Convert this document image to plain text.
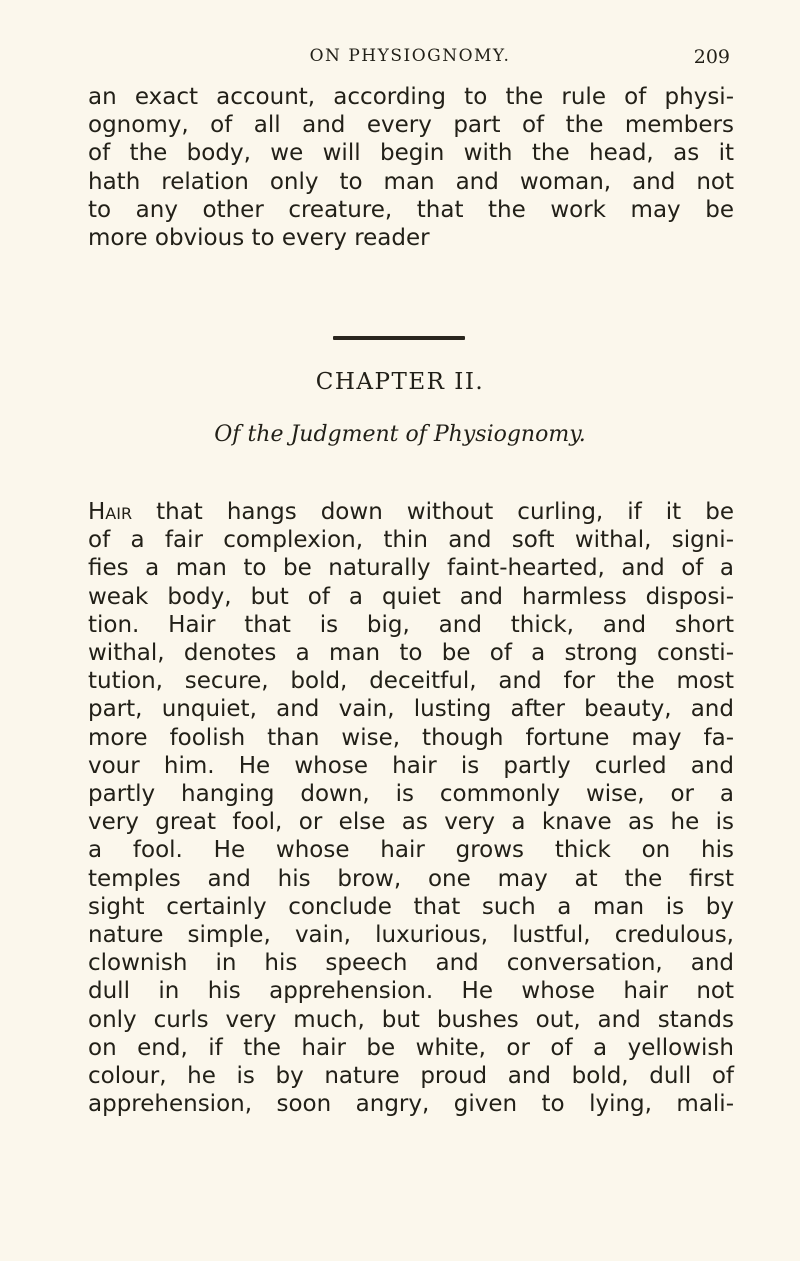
ON PHYSIOGNOMY.	209
an exact account, according to the rule of physi-
ognomy, of all and every part of the members
of the body, we will begin with the head, as it
hath relation only to man and woman, and not
to any other creature, that the work may be
more obvious to every reader
CHAPTER II.
Of the Judgment of Physiognomy.
Hair that hangs down without curling, if it be
of a fair complexion, thin and soft withal, signi-
fies a man to be naturally faint-hearted, and of a
weak body, but of a quiet and harmless disposi-
tion. Hair that is big, and thick, and short
withal, denotes a man to be of a strong consti-
tution, secure, bold, deceitful, and for the most
part, unquiet, and vain, lusting after beauty, and
more foolish than wise, though fortune may fa-
vour him. He whose hair is partly curled and
partly hanging down, is commonly wise, or a
very great fool, or else as very a knave as he is
a fool. He whose hair grows thick on his
temples and his brow, one may at the first
sight certainly conclude that such a man is by
nature simple, vain, luxurious, lustful, credulous,
clownish in his speech and conversation, and
dull in his apprehension. He whose hair not
only curls very much, but bushes out, and stands
on end, if the hair be white, or of a yellowish
colour, he is by nature proud and bold, dull of
apprehension, soon angry, given to lying, mali-
